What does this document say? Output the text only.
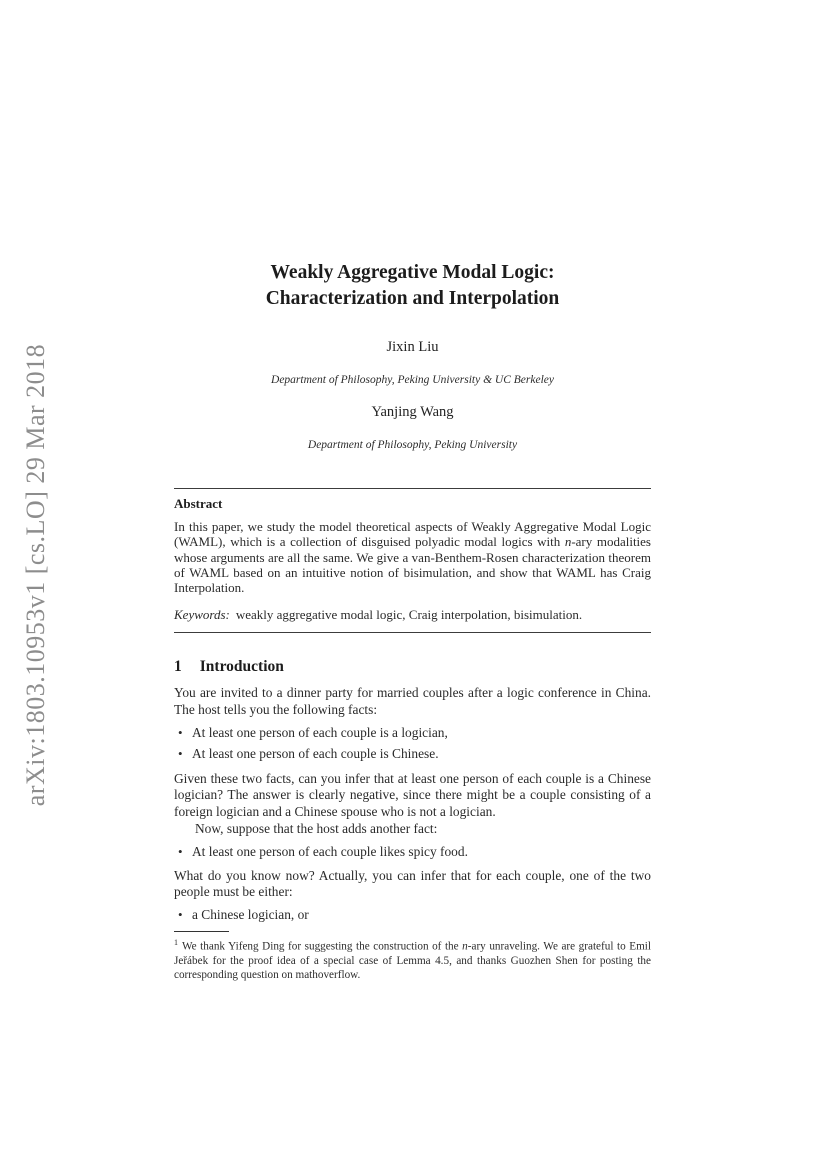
arXiv:1803.10953v1 [cs.LO] 29 Mar 2018
Weakly Aggregative Modal Logic:
Characterization and Interpolation
Jixin Liu
Department of Philosophy, Peking University & UC Berkeley
Yanjing Wang
Department of Philosophy, Peking University
Abstract

In this paper, we study the model theoretical aspects of Weakly Aggregative Modal Logic (WAML), which is a collection of disguised polyadic modal logics with n-ary modalities whose arguments are all the same. We give a van-Benthem-Rosen characterization theorem of WAML based on an intuitive notion of bisimulation, and show that WAML has Craig Interpolation.

Keywords: weakly aggregative modal logic, Craig interpolation, bisimulation.

1 Introduction

You are invited to a dinner party for married couples after a logic conference in China. The host tells you the following facts:

• At least one person of each couple is a logician,
• At least one person of each couple is Chinese.

Given these two facts, can you infer that at least one person of each couple is a Chinese logician? The answer is clearly negative, since there might be a couple consisting of a foreign logician and a Chinese spouse who is not a logician.

Now, suppose that the host adds another fact:

• At least one person of each couple likes spicy food.

What do you know now? Actually, you can infer that for each couple, one of the two people must be either:

• a Chinese logician, or

$^1$ We thank Yifeng Ding for suggesting the construction of the n-ary unraveling. We are grateful to Emil Jeřábek for the proof idea of a special case of Lemma 4.5, and thanks Guozhen Shen for posting the corresponding question on mathoverflow.
